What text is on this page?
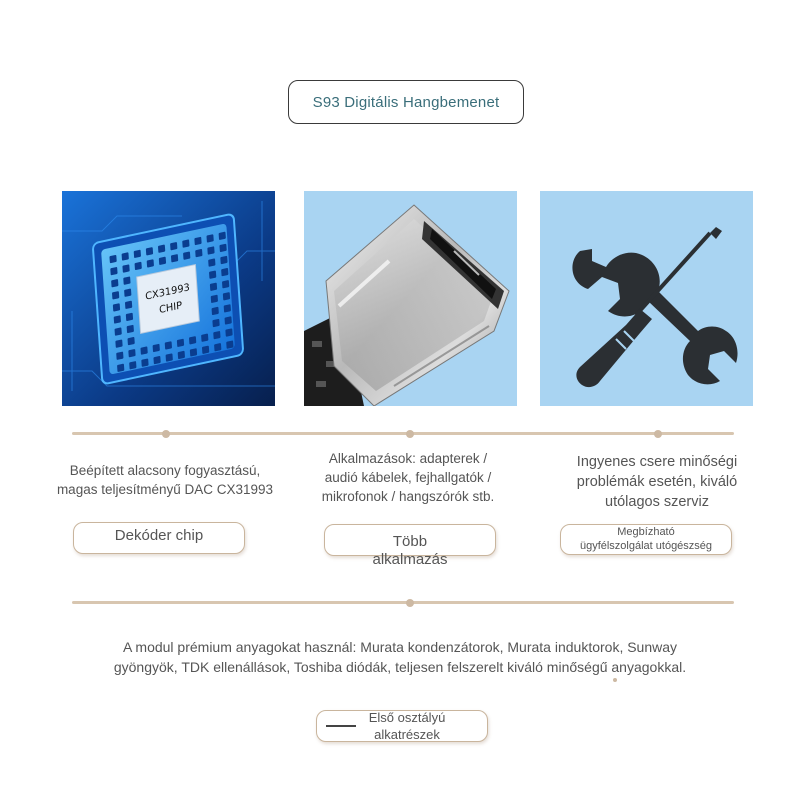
S93 Digitális Hangbemenet
CX31993
CHIP
Beépített alacsony fogyasztású,
magas teljesítményű DAC CX31993
Dekóder chip
Alkalmazások: adapterek /
audió kábelek, fejhallgatók /
mikrofonok / hangszórók stb.
Több
alkalmazás
Ingyenes csere minőségi
problémák esetén, kiváló
utólagos szerviz
Megbízható
ügyfélszolgálat utógészség
A modul prémium anyagokat használ: Murata kondenzátorok, Murata induktorok, Sunway
gyöngyök, TDK ellenállások, Toshiba diódák, teljesen felszerelt kiváló minőségű anyagokkal.
Első osztályú
alkatrészek
